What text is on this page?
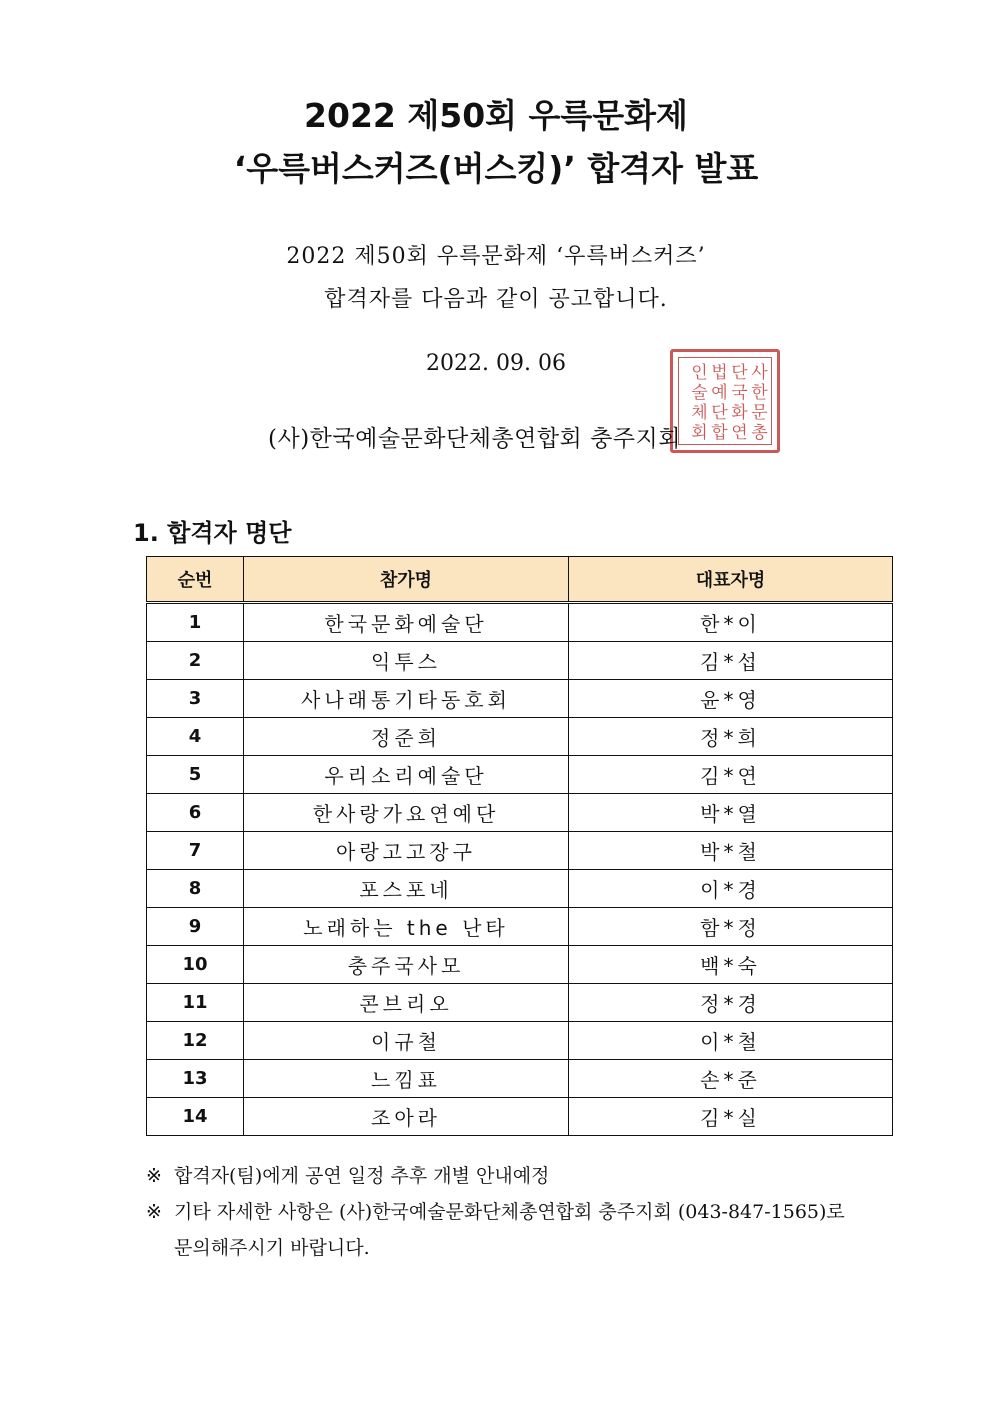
2022 제50회 우륵문화제
‘우륵버스커즈(버스킹)’ 합격자 발표
2022 제50회 우륵문화제 ‘우륵버스커즈’
합격자를 다음과 같이 공고합니다.
2022. 09. 06	사단법인
한국예술
문화단체
총연합회
(사)한국예술문화단체총연합회 충주지회
1. 합격자 명단
순번	참가명	대표자명
1	한국문화예술단	한*이
2	익투스	김*섭
3	사나래통기타동호회	윤*영
4	정준희	정*희
5	우리소리예술단	김*연
6	한사랑가요연예단	박*열
7	아랑고고장구	박*철
8	포스포네	이*경
9	노래하는 the 난타	함*정
10	충주국사모	백*숙
11	콘브리오	정*경
12	이규철	이*철
13	느낌표	손*준
14	조아라	김*실
※ 합격자(팀)에게 공연 일정 추후 개별 안내예정
※ 기타 자세한 사항은 (사)한국예술문화단체총연합회 충주지회 (043-847-1565)로
문의해주시기 바랍니다.
